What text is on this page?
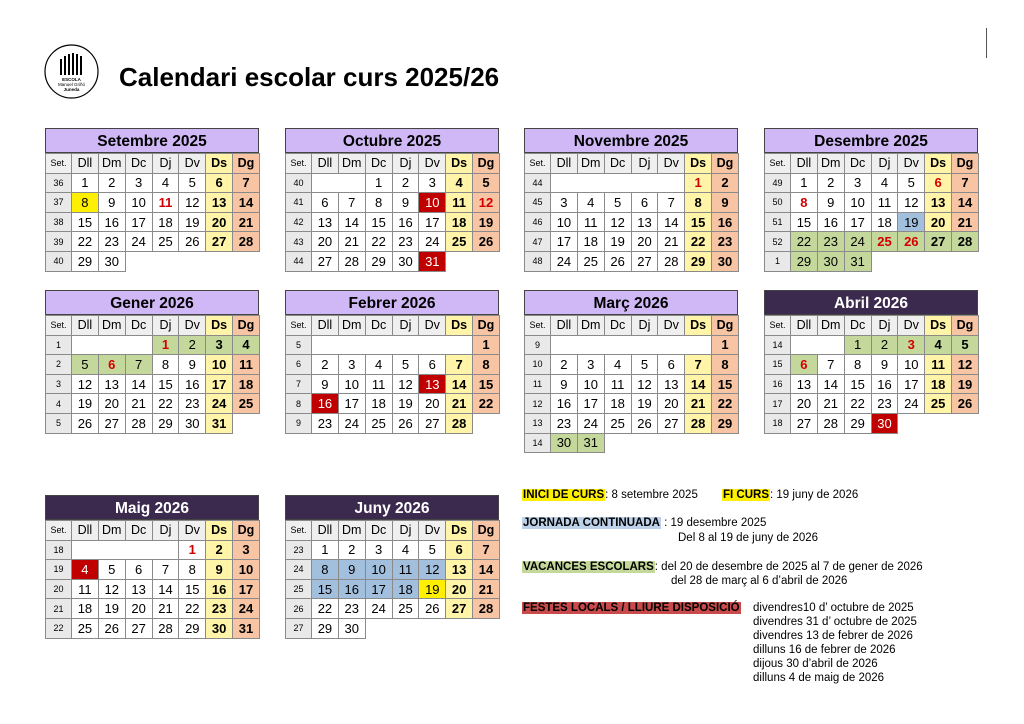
ESCOLA
Manuel Griñó
Juneda Calendari escolar curs 2025/26
Setembre 2025
Set.	Dll	Dm	Dc	Dj	Dv	Ds	Dg
36	1	2	3	4	5	6	7
37	8	9	10	11	12	13	14
38	15	16	17	18	19	20	21
39	22	23	24	25	26	27	28
40	29	30					
Octubre 2025
Set.	Dll	Dm	Dc	Dj	Dv	Ds	Dg
40			1	2	3	4	5
41	6	7	8	9	10	11	12
42	13	14	15	16	17	18	19
43	20	21	22	23	24	25	26
44	27	28	29	30	31		
Novembre 2025
Set.	Dll	Dm	Dc	Dj	Dv	Ds	Dg
44						1	2
45	3	4	5	6	7	8	9
46	10	11	12	13	14	15	16
47	17	18	19	20	21	22	23
48	24	25	26	27	28	29	30
Desembre 2025
Set.	Dll	Dm	Dc	Dj	Dv	Ds	Dg
49	1	2	3	4	5	6	7
50	8	9	10	11	12	13	14
51	15	16	17	18	19	20	21
52	22	23	24	25	26	27	28
1	29	30	31				
Gener 2026
Set.	Dll	Dm	Dc	Dj	Dv	Ds	Dg
1				1	2	3	4
2	5	6	7	8	9	10	11
3	12	13	14	15	16	17	18
4	19	20	21	22	23	24	25
5	26	27	28	29	30	31	
Febrer 2026
Set.	Dll	Dm	Dc	Dj	Dv	Ds	Dg
5							1
6	2	3	4	5	6	7	8
7	9	10	11	12	13	14	15
8	16	17	18	19	20	21	22
9	23	24	25	26	27	28	
Març 2026
Set.	Dll	Dm	Dc	Dj	Dv	Ds	Dg
9							1
10	2	3	4	5	6	7	8
11	9	10	11	12	13	14	15
12	16	17	18	19	20	21	22
13	23	24	25	26	27	28	29
14	30	31					
Abril 2026
Set.	Dll	Dm	Dc	Dj	Dv	Ds	Dg
14			1	2	3	4	5
15	6	7	8	9	10	11	12
16	13	14	15	16	17	18	19
17	20	21	22	23	24	25	26
18	27	28	29	30			
Maig 2026
Set.	Dll	Dm	Dc	Dj	Dv	Ds	Dg
18					1	2	3
19	4	5	6	7	8	9	10
20	11	12	13	14	15	16	17
21	18	19	20	21	22	23	24
22	25	26	27	28	29	30	31
Juny 2026
Set.	Dll	Dm	Dc	Dj	Dv	Ds	Dg
23	1	2	3	4	5	6	7
24	8	9	10	11	12	13	14
25	15	16	17	18	19	20	21
26	22	23	24	25	26	27	28
27	29	30					
INICI DE CURS: 8 setembre 2025 FI CURS: 19 juny de 2026
JORNADA CONTINUADA : 19 desembre 2025
Del 8 al 19 de juny de 2026
VACANCES ESCOLARS: del 20 de desembre de 2025 al 7 de gener de 2026
del 28 de març al 6 d’abril de 2026
FESTES LOCALS / LLIURE DISPOSICIÓ divendres10 d’ octubre de 2025
divendres 31 d’ octubre de 2025
divendres 13 de febrer de 2026
dilluns 16 de febrer de 2026
dijous 30 d’abril de 2026
dilluns 4 de maig de 2026
